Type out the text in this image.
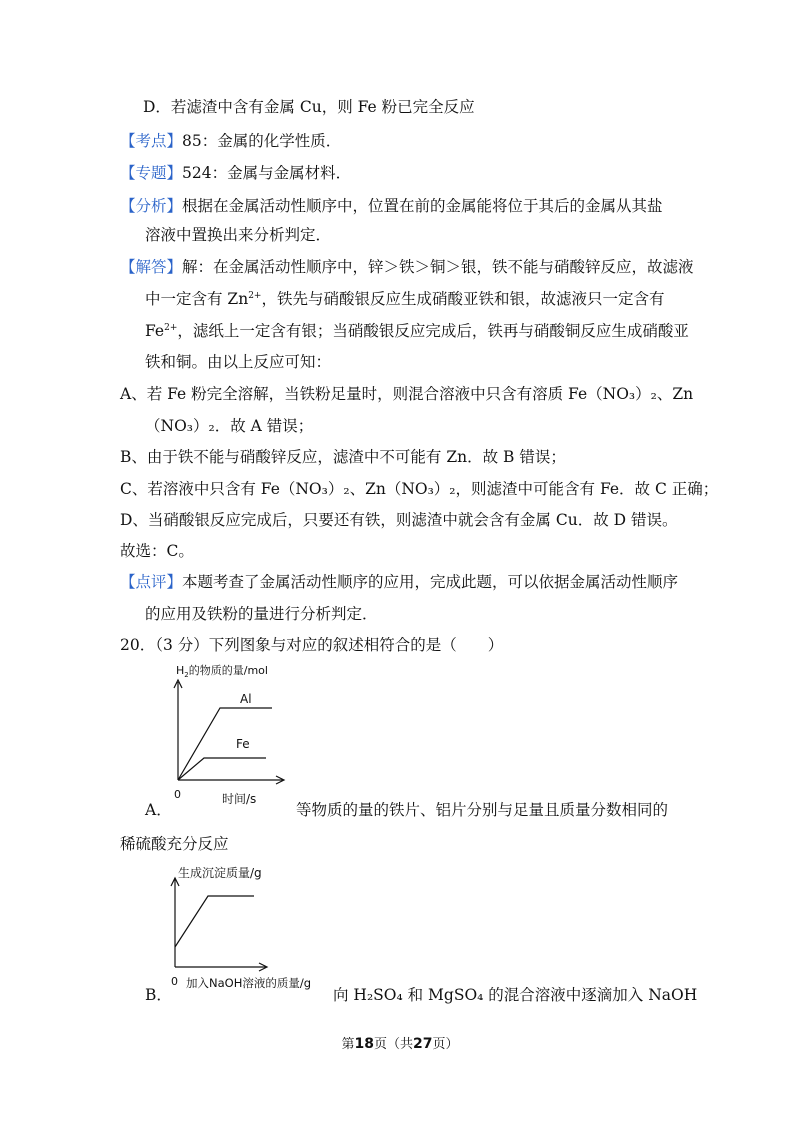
D．若滤渣中含有金属 Cu，则 Fe 粉已完全反应
【考点】85：金属的化学性质．
【专题】524：金属与金属材料．
【分析】根据在金属活动性顺序中，位置在前的金属能将位于其后的金属从其盐
溶液中置换出来分析判定．
【解答】解：在金属活动性顺序中，锌＞铁＞铜＞银，铁不能与硝酸锌反应，故滤液
中一定含有 $Zn^{2+}$，铁先与硝酸银反应生成硝酸亚铁和银，故滤液只一定含有
$Fe^{2+}$，滤纸上一定含有银；当硝酸银反应完成后，铁再与硝酸铜反应生成硝酸亚
铁和铜。由以上反应可知：
A、若 Fe 粉完全溶解，当铁粉足量时，则混合溶液中只含有溶质 Fe（NO₃）₂、Zn
（NO₃）₂．故 A 错误；
B、由于铁不能与硝酸锌反应，滤渣中不可能有 Zn．故 B 错误；
C、若溶液中只含有 Fe（NO₃）₂、Zn（NO₃）₂，则滤渣中可能含有 Fe．故 C 正确；
D、当硝酸银反应完成后，只要还有铁，则滤渣中就会含有金属 Cu．故 D 错误。
故选：C。
【点评】本题考查了金属活动性顺序的应用，完成此题，可以依据金属活动性顺序
的应用及铁粉的量进行分析判定．
20．（3 分）下列图象与对应的叙述相符合的是（　　）
$H_2$的物质的量/mol
Al
Fe
0	时间/s
A．	等物质的量的铁片、铝片分别与足量且质量分数相同的
稀硫酸充分反应
生成沉淀质量/g
0 加入NaOH溶液的质量/g
B．	向 H₂SO₄ 和 MgSO₄ 的混合溶液中逐滴加入 NaOH
第18页（共27页）
